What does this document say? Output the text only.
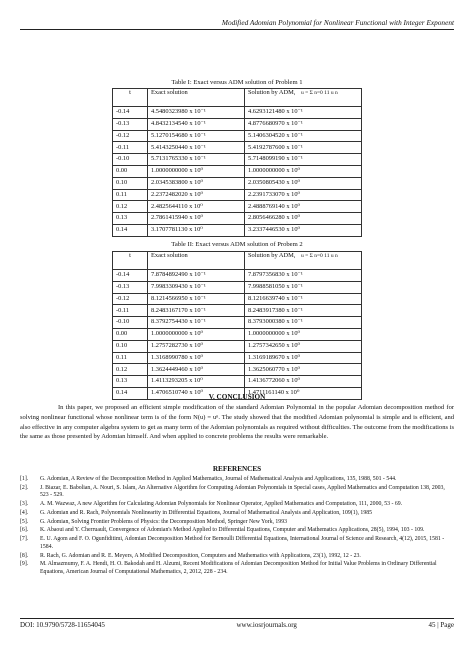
Modified Adomian Polynomial for Nonlinear Functional with Integer Exponent
Table I: Exact versus ADM solution of Problem 1
t	Exact solution	Solution by ADM, u = Σ n=0 11 u n
-0.14	4.5480323980 x 10⁻¹	4.6293121480 x 10⁻¹
-0.13	4.8432134540 x 10⁻¹	4.8776680970 x 10⁻¹
-0.12	5.1270154680 x 10⁻¹	5.1406304520 x 10⁻¹
-0.11	5.4143250440 x 10⁻¹	5.4192787600 x 10⁻¹
-0.10	5.7131765330 x 10⁻¹	5.7148099190 x 10⁻¹
0.00	1.0000000000 x 10⁰	1.0000000000 x 10⁰
0.10	2.0345383800 x 10⁰	2.0350805430 x 10⁰
0.11	2.2372482020 x 10⁰	2.2391733070 x 10⁰
0.12	2.4825644110 x 10⁰	2.4888769140 x 10⁰
0.13	2.7861415940 x 10⁰	2.8056466280 x 10⁰
0.14	3.1707781130 x 10⁰	3.2337446530 x 10⁰
Table II: Exact versus ADM solution of Probem 2
t	Exact solution	Solution by ADM, u = Σ n=0 11 u n
-0.14	7.8784892490 x 10⁻¹	7.8797356830 x 10⁻¹
-0.13	7.9983309430 x 10⁻¹	7.9988581050 x 10⁻¹
-0.12	8.1214566950 x 10⁻¹	8.1216639740 x 10⁻¹
-0.11	8.2483167170 x 10⁻¹	8.2483917380 x 10⁻¹
-0.10	8.3792754430 x 10⁻¹	8.3793000380 x 10⁻¹
0.00	1.0000000000 x 10⁰	1.0000000000 x 10⁰
0.10	1.2757282730 x 10⁰	1.2757342650 x 10⁰
0.11	1.3168990780 x 10⁰	1.3169189670 x 10⁰
0.12	1.3624449460 x 10⁰	1.3625060770 x 10⁰
0.13	1.4113293205 x 10⁰	1.4136772060 x 10⁰
0.14	1.4706510740 x 10⁰	1.4711161140 x 10⁰
V. CONCLUSION

In this paper, we proposed an efficient simple modification of the standard Adomian Polynomial in the popular Adomian decomposition method for solving nonlinear functional whose nonlinear term is of the form N(u) = uⁿ. The study showed that the modified Adomian polynomial is simple and is efficient, and also effective in any computer algebra system to get as many term of the Adomian polynomials as required without difficulties. The outcome from the modifications is the same as those presented by Adomian himself. And when applied to concrete problems the results were remarkable.

REFERENCES
[1].	G. Adomian, A Review of the Decomposition Method in Applied Mathematics, Journal of Mathematical Analysis and Applications, 135, 1988, 501 - 544.
[2].	J. Biazar, E. Babolian, A. Nouri, S. Islam, An Alternative Algorithm for Computing Adomian Polynomials in Special cases, Applied Mathematics and Computation 138, 2003, 523 - 529.
[3].	A. M. Wazwaz, A new Algorithm for Calculating Adomian Polynomials for Nonlinear Operator, Applied Mathematics and Computation, 111, 2000, 53 - 69.
[4].	G. Adomian and R. Rach, Polynomials Nonlinearity in Differential Equations, Journal of Mathematical Analysis and Application, 109(1), 1985
[5].	G. Adomian, Solving Frontier Problems of Physics: the Decomposition Method, Springer New York, 1993
[6].	K. Abaoui and Y. Cherruault, Convergence of Adomian's Method Applied to Differential Equations, Computer and Mathematics Applications, 28(5), 1994, 103 - 109.
[7].	E. U. Agom and F. O. Ogunfiditimi, Adomian Decomposition Method for Bernoulli Differential Equations, International Journal of Science and Research, 4(12), 2015, 1581 - 1584.
[8].	R. Rach, G. Adomian and R. E. Meyers, A Modified Decomposition, Computers and Mathematics with Applications, 23(1), 1992, 12 - 23.
[9].	M. Almazmumy, F. A. Hendi, H. O. Bakodah and H. Alzumi, Recent Modifications of Adomian Decomposition Method for Initial Value Problems in Ordinary Differential Equations, American Journal of Computational Mathematics, 2, 2012, 228 - 234.
DOI: 10.9790/5728-11654045	www.iosrjournals.org	45 | Page
